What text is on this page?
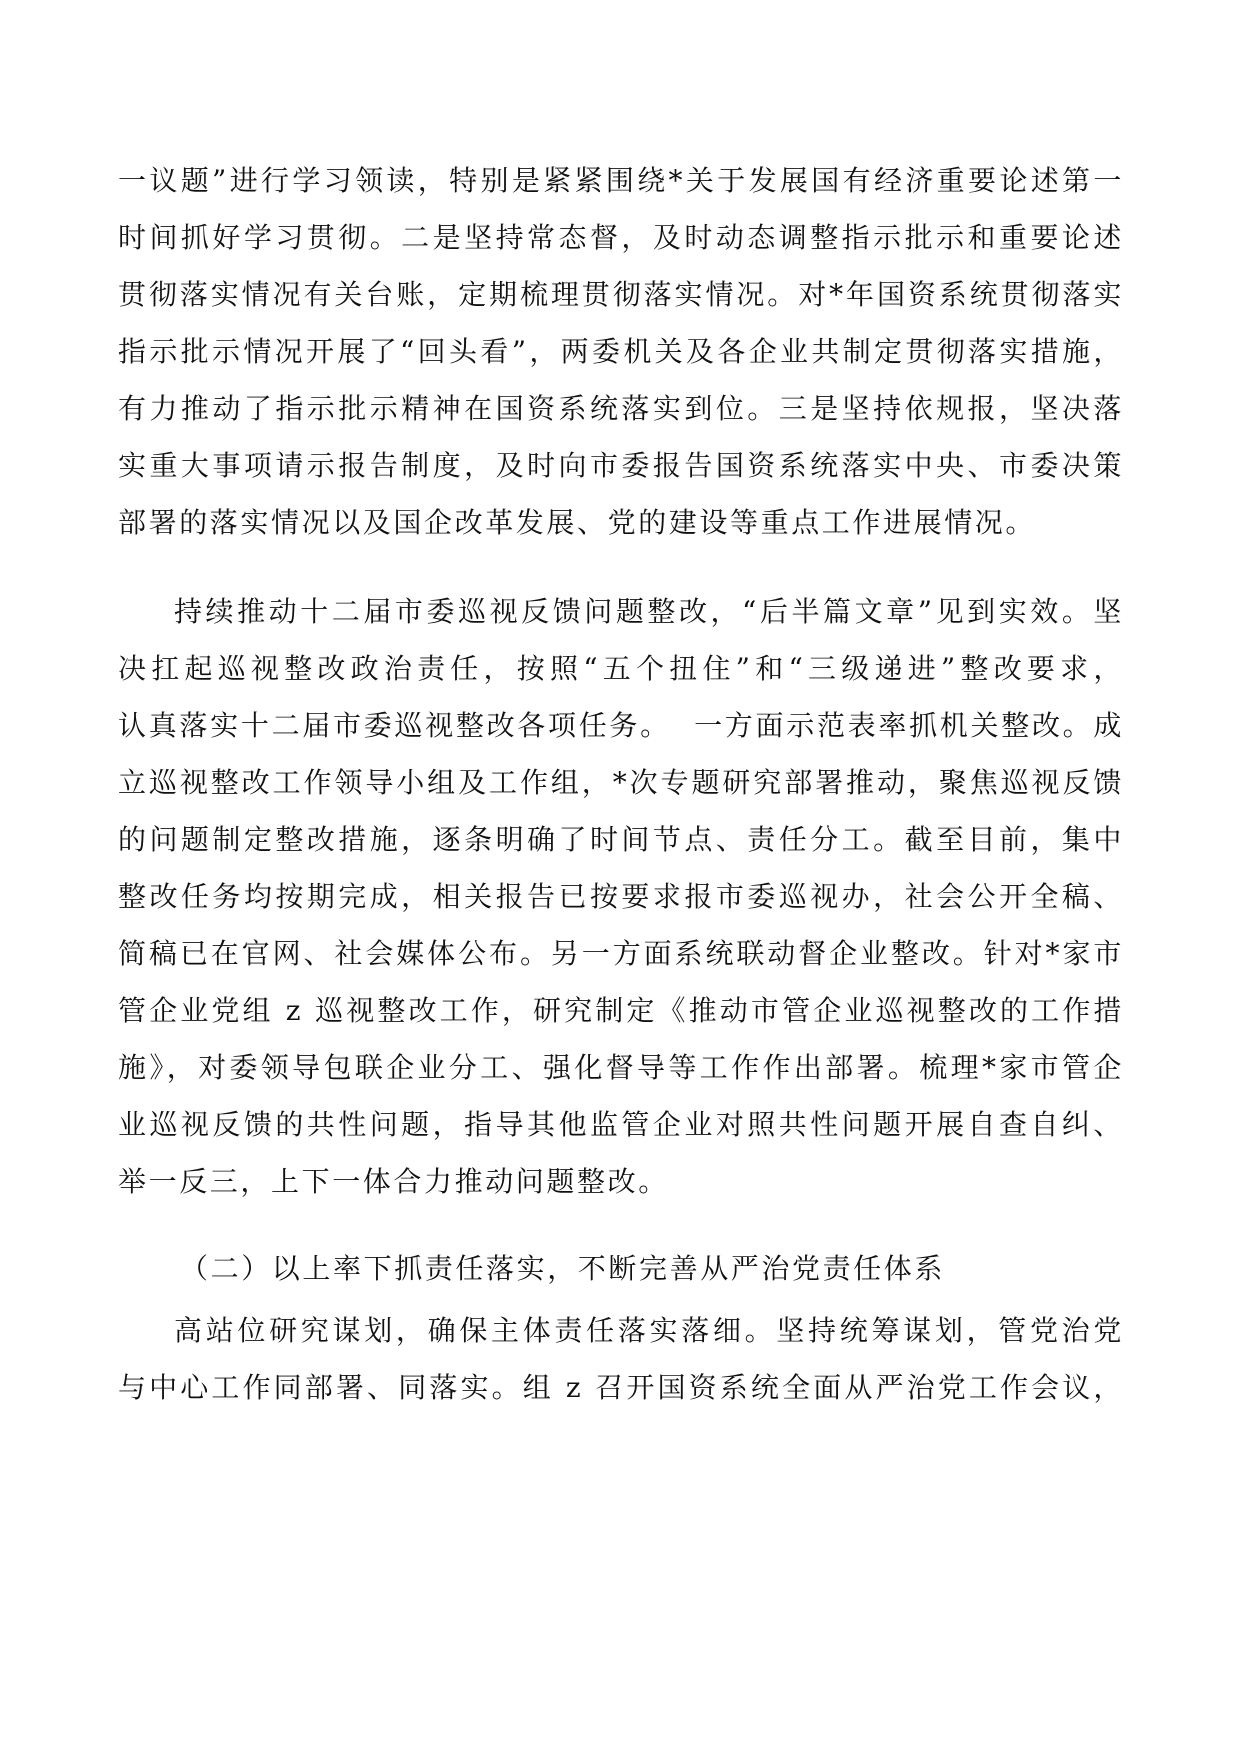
一议题”进行学习领读，特别是紧紧围绕*关于发展国有经济重要论述第一

时间抓好学习贯彻。二是坚持常态督，及时动态调整指示批示和重要论述

贯彻落实情况有关台账，定期梳理贯彻落实情况。对*年国资系统贯彻落实

指示批示情况开展了“回头看”，两委机关及各企业共制定贯彻落实措施，

有力推动了指示批示精神在国资系统落实到位。三是坚持依规报，坚决落

实重大事项请示报告制度，及时向市委报告国资系统落实中央、市委决策

部署的落实情况以及国企改革发展、党的建设等重点工作进展情况。

持续推动十二届市委巡视反馈问题整改，“后半篇文章”见到实效。坚

决扛起巡视整改政治责任，按照“五个扭住”和“三级递进”整改要求，

认真落实十二届市委巡视整改各项任务。  一方面示范表率抓机关整改。成

立巡视整改工作领导小组及工作组，*次专题研究部署推动，聚焦巡视反馈

的问题制定整改措施，逐条明确了时间节点、责任分工。截至目前，集中

整改任务均按期完成，相关报告已按要求报市委巡视办，社会公开全稿、

简稿已在官网、社会媒体公布。另一方面系统联动督企业整改。针对*家市

管企业党组 z 巡视整改工作，研究制定《推动市管企业巡视整改的工作措

施》，对委领导包联企业分工、强化督导等工作作出部署。梳理*家市管企

业巡视反馈的共性问题，指导其他监管企业对照共性问题开展自查自纠、

举一反三，上下一体合力推动问题整改。

（二）以上率下抓责任落实，不断完善从严治党责任体系

高站位研究谋划，确保主体责任落实落细。坚持统筹谋划，管党治党

与中心工作同部署、同落实。组 z 召开国资系统全面从严治党工作会议，
